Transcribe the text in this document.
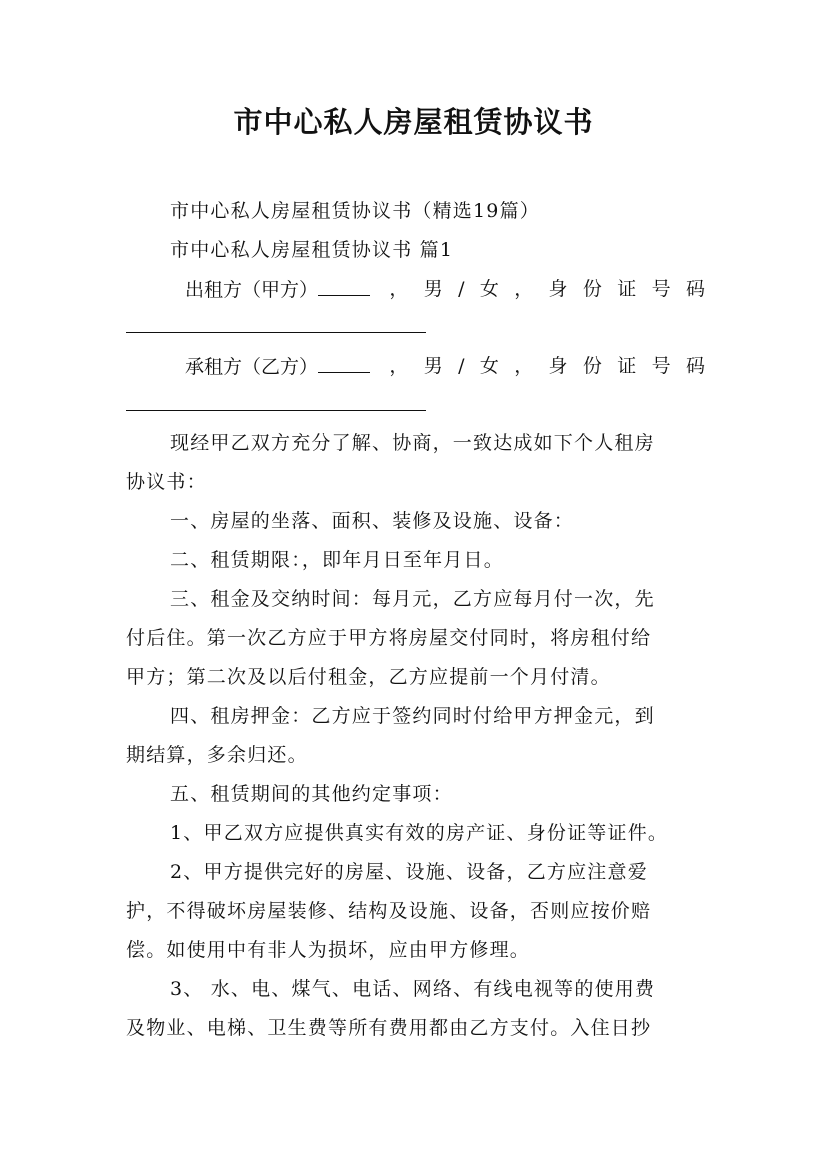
市中心私人房屋租赁协议书
市中心私人房屋租赁协议书（精选19篇）
市中心私人房屋租赁协议书 篇1
出租方（甲方）	， 男 / 女 ， 身 份 证 号 码
承租方（乙方）	， 男 / 女 ， 身 份 证 号 码
现经甲乙双方充分了解、协商，一致达成如下个人租房
协议书：
一、房屋的坐落、面积、装修及设施、设备：
二、租赁期限：，即年月日至年月日。
三、租金及交纳时间：每月元，乙方应每月付一次，先
付后住。第一次乙方应于甲方将房屋交付同时，将房租付给
甲方；第二次及以后付租金，乙方应提前一个月付清。
四、租房押金：乙方应于签约同时付给甲方押金元，到
期结算，多余归还。
五、租赁期间的其他约定事项：
1、甲乙双方应提供真实有效的房产证、身份证等证件。
2、甲方提供完好的房屋、设施、设备，乙方应注意爱
护，不得破坏房屋装修、结构及设施、设备，否则应按价赔
偿。如使用中有非人为损坏，应由甲方修理。
3、 水、电、煤气、电话、网络、有线电视等的使用费
及物业、电梯、卫生费等所有费用都由乙方支付。入住日抄
